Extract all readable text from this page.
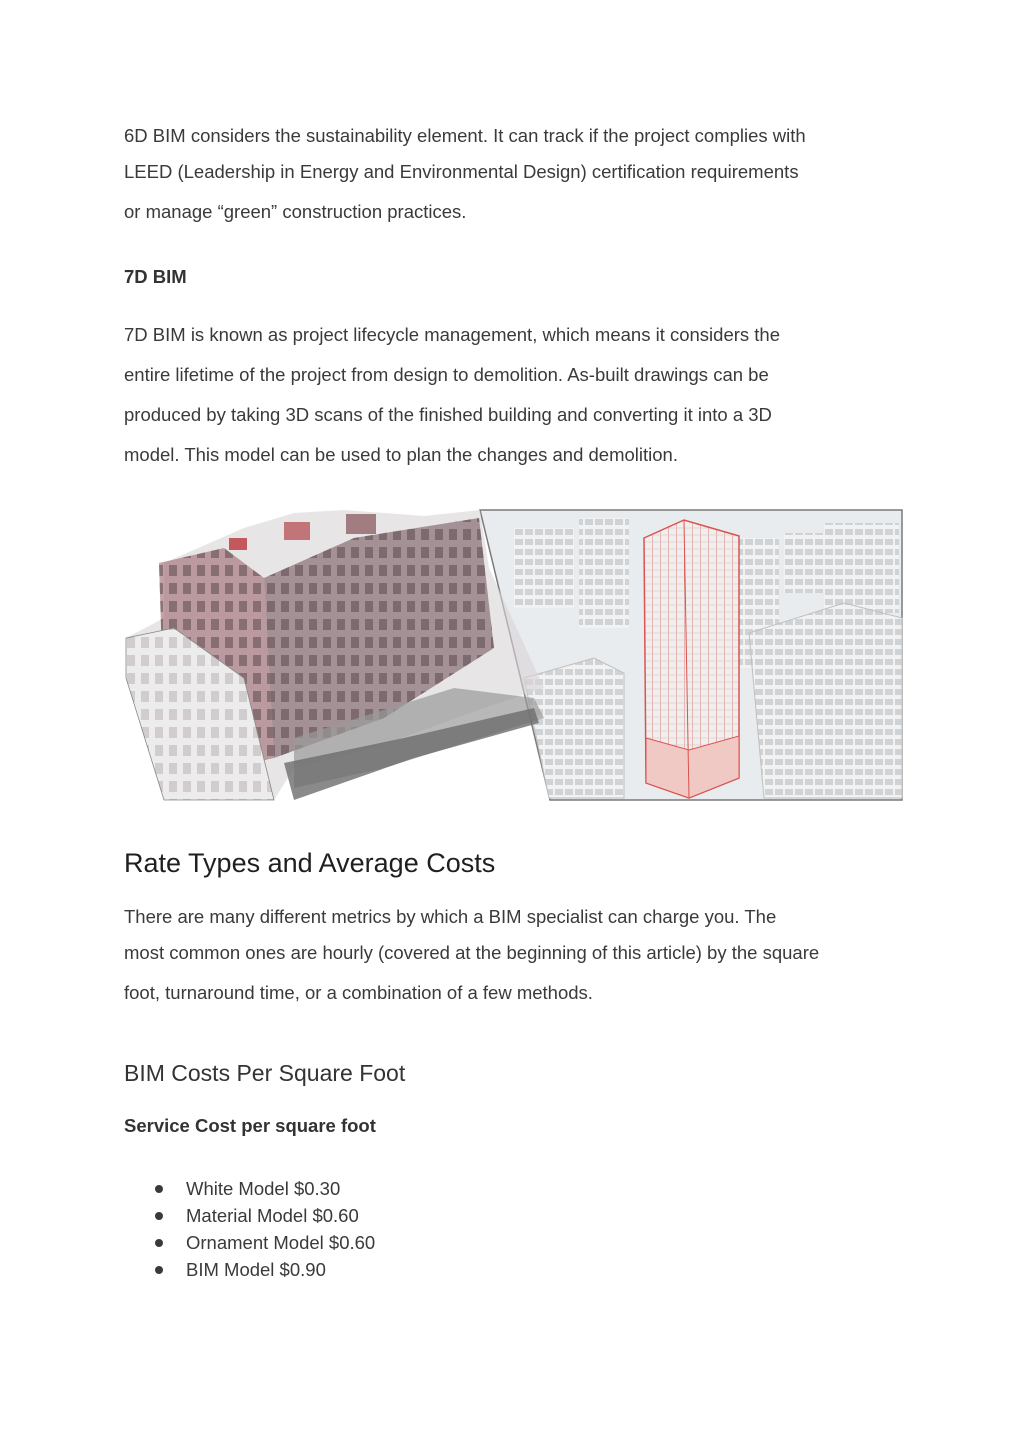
6D BIM considers the sustainability element. It can track if the project complies with
LEED (Leadership in Energy and Environmental Design) certification requirements
or manage “green” construction practices.
7D BIM
7D BIM is known as project lifecycle management, which means it considers the
entire lifetime of the project from design to demolition. As-built drawings can be
produced by taking 3D scans of the finished building and converting it into a 3D
model. This model can be used to plan the changes and demolition.
Rate Types and Average Costs
There are many different metrics by which a BIM specialist can charge you. The
most common ones are hourly (covered at the beginning of this article) by the square
foot, turnaround time, or a combination of a few methods.
BIM Costs Per Square Foot
Service Cost per square foot
White Model $0.30
Material Model $0.60
Ornament Model $0.60
BIM Model $0.90
